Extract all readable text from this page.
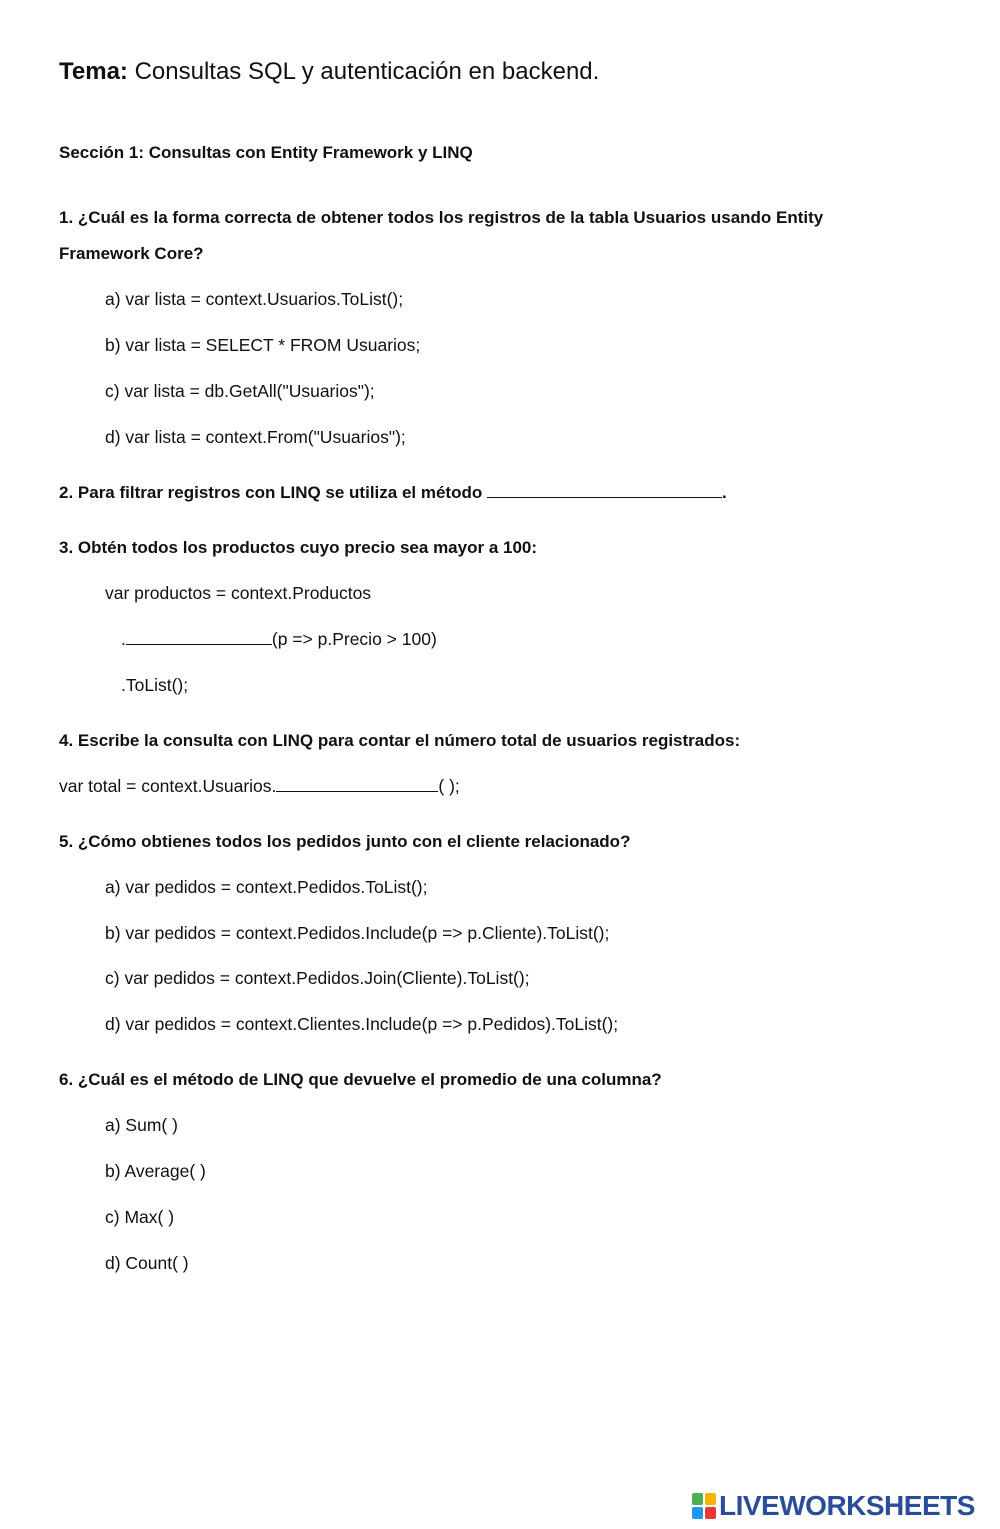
Tema: Consultas SQL y autenticación en backend.
Sección 1: Consultas con Entity Framework y LINQ
1. ¿Cuál es la forma correcta de obtener todos los registros de la tabla Usuarios usando Entity
Framework Core?
a) var lista = context.Usuarios.ToList();
b) var lista = SELECT * FROM Usuarios;
c) var lista = db.GetAll("Usuarios");
d) var lista = context.From("Usuarios");
2. Para filtrar registros con LINQ se utiliza el método	.
3. Obtén todos los productos cuyo precio sea mayor a 100:
var productos = context.Productos
.	(p => p.Precio > 100)
.ToList();
4. Escribe la consulta con LINQ para contar el número total de usuarios registrados:
var total = context.Usuarios.	( );
5. ¿Cómo obtienes todos los pedidos junto con el cliente relacionado?
a) var pedidos = context.Pedidos.ToList();
b) var pedidos = context.Pedidos.Include(p => p.Cliente).ToList();
c) var pedidos = context.Pedidos.Join(Cliente).ToList();
d) var pedidos = context.Clientes.Include(p => p.Pedidos).ToList();
6. ¿Cuál es el método de LINQ que devuelve el promedio de una columna?
a) Sum( )
b) Average( )
c) Max( )
d) Count( )
LIVEWORKSHEETS
